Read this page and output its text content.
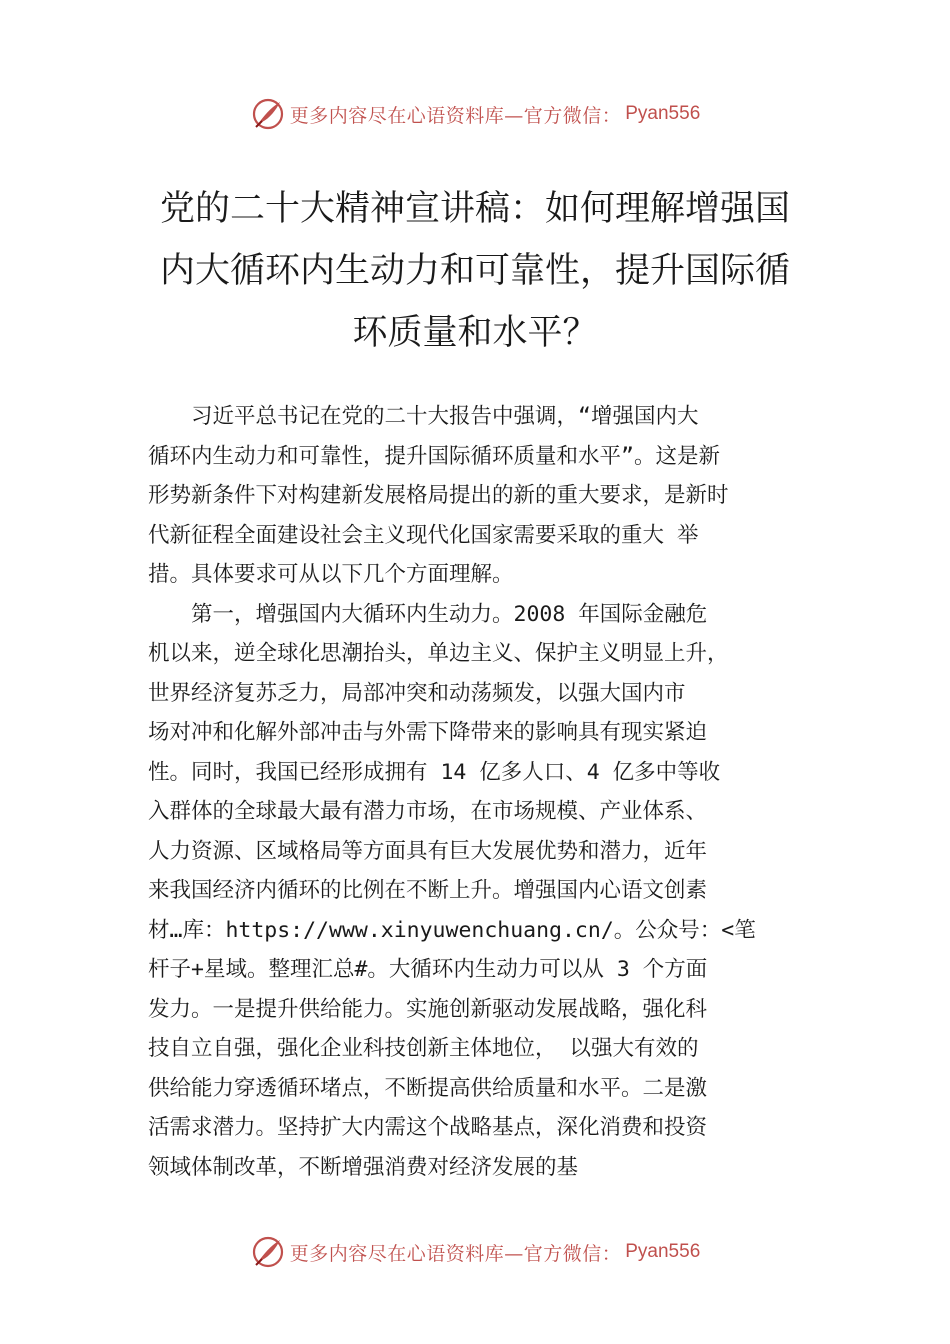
更多内容尽在心语资料库—官方微信： Pyan556
党的二十大精神宣讲稿：如何理解增强国
内大循环内生动力和可靠性，提升国际循
环质量和水平？
　　习近平总书记在党的二十大报告中强调，“增强国内大
循环内生动力和可靠性，提升国际循环质量和水平”。这是新
形势新条件下对构建新发展格局提出的新的重大要求，是新时
代新征程全面建设社会主义现代化国家需要采取的重大 举
措。具体要求可从以下几个方面理解。
　　第一，增强国内大循环内生动力。2008 年国际金融危
机以来，逆全球化思潮抬头，单边主义、保护主义明显上升，
世界经济复苏乏力，局部冲突和动荡频发，以强大国内市
场对冲和化解外部冲击与外需下降带来的影响具有现实紧迫
性。同时，我国已经形成拥有 14 亿多人口、4 亿多中等收
入群体的全球最大最有潜力市场，在市场规模、产业体系、
人力资源、区域格局等方面具有巨大发展优势和潜力，近年
来我国经济内循环的比例在不断上升。增强国内心语文创素
材…库：https://www.xinyuwenchuang.cn/。公众号：<笔
杆子+星域。整理汇总#。大循环内生动力可以从 3 个方面
发力。一是提升供给能力。实施创新驱动发展战略，强化科
技自立自强，强化企业科技创新主体地位， 以强大有效的
供给能力穿透循环堵点，不断提高供给质量和水平。二是激
活需求潜力。坚持扩大内需这个战略基点，深化消费和投资
领域体制改革，不断增强消费对经济发展的基
更多内容尽在心语资料库—官方微信： Pyan556
